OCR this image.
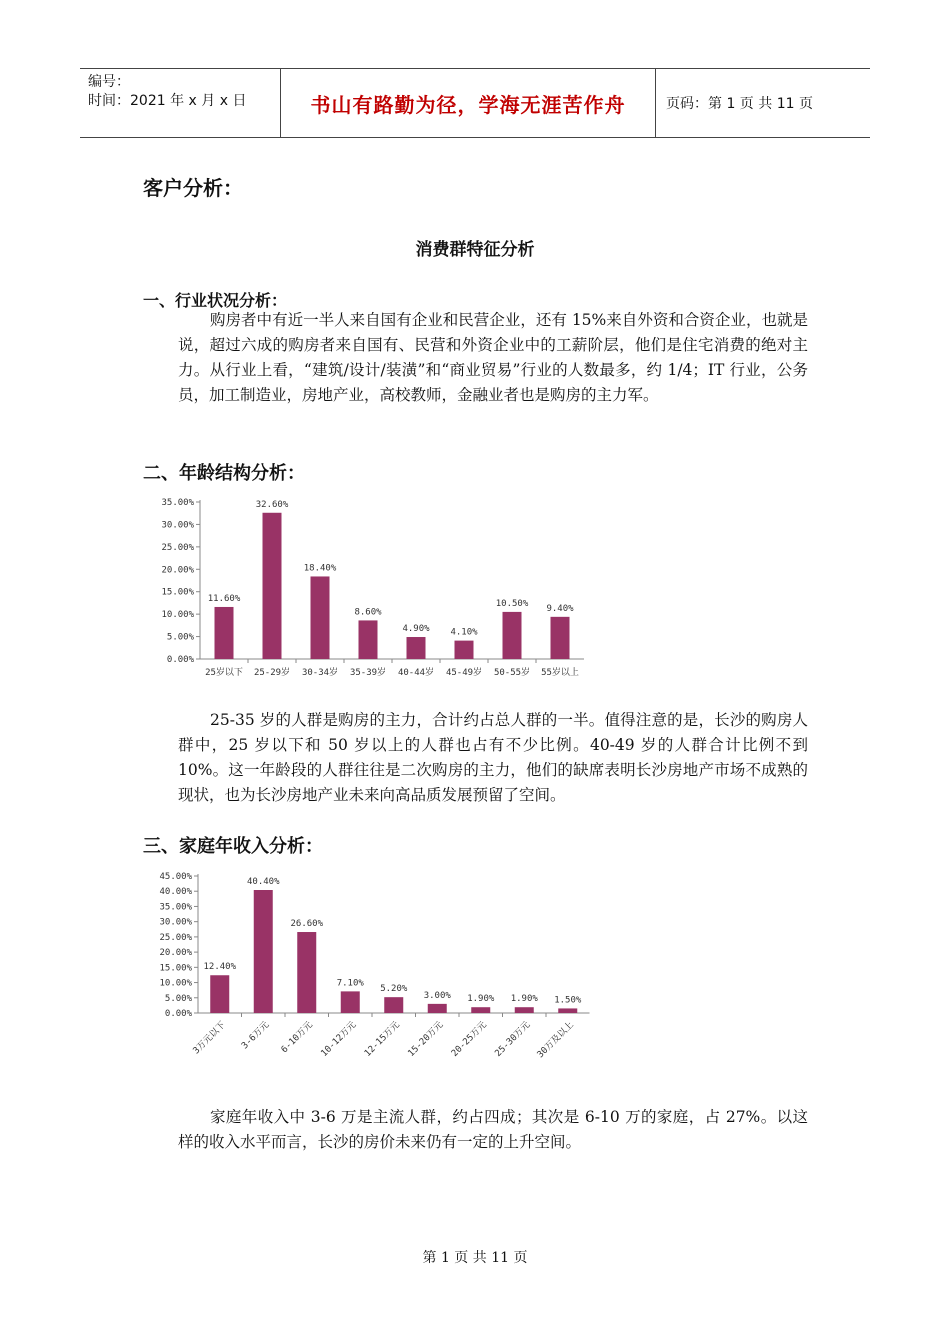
编号：
时间：2021 年 x 月 x 日	书山有路勤为径，学海无涯苦作舟	页码：第 1 页 共 11 页
客户分析：
消费群特征分析
一、行业状况分析：

购房者中有近一半人来自国有企业和民营企业，还有 15%来自外资和合资企业，也就是说，超过六成的购房者来自国有、民营和外资企业中的工薪阶层，他们是住宅消费的绝对主力。从行业上看，“建筑/设计/装潢”和“商业贸易”行业的人数最多，约 1/4；IT 行业，公务员，加工制造业，房地产业，高校教师，金融业者也是购房的主力军。

二、年龄结构分析：
0.00%
5.00%
10.00%
15.00%
20.00%
25.00%
30.00%
35.00%
11.60%
25岁以下
32.60%
25-29岁
18.40%
30-34岁
8.60%
35-39岁
4.90%
40-44岁
4.10%
45-49岁
10.50%
50-55岁
9.40%
55岁以上

25-35 岁的人群是购房的主力，合计约占总人群的一半。值得注意的是，长沙的购房人群中，25 岁以下和 50 岁以上的人群也占有不少比例。40-49 岁的人群合计比例不到 10%。这一年龄段的人群往往是二次购房的主力，他们的缺席表明长沙房地产市场不成熟的现状，也为长沙房地产业未来向高品质发展预留了空间。

三、家庭年收入分析：
0.00%
5.00%
10.00%
15.00%
20.00%
25.00%
30.00%
35.00%
40.00%
45.00%
12.40%
3万元以下
40.40%
3-6万元
26.60%
6-10万元
7.10%
10-12万元
5.20%
12-15万元
3.00%
15-20万元
1.90%
20-25万元
1.90%
25-30万元
1.50%
30万及以上

家庭年收入中 3-6 万是主流人群，约占四成；其次是 6-10 万的家庭，占 27%。以这样的收入水平而言，长沙的房价未来仍有一定的上升空间。

第 1 页 共 11 页
